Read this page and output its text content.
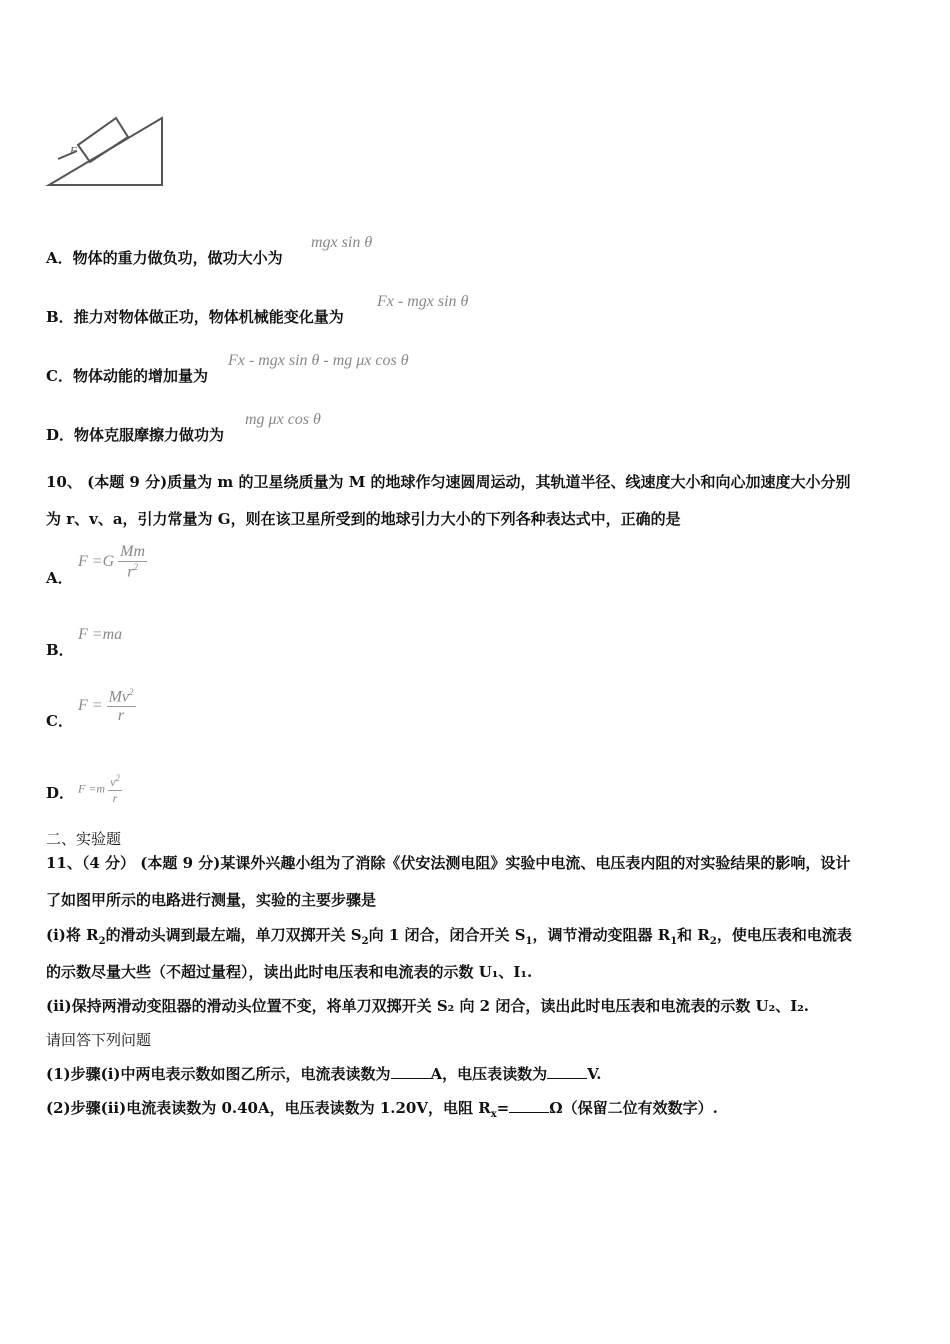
F
A．物体的重力做负功，做功大小为
mgx sin θ
B．推力对物体做正功，物体机械能变化量为
Fx - mgx sin θ
C．物体动能的增加量为
Fx - mgx sin θ - mg μx cos θ
D．物体克服摩擦力做功为
mg μx cos θ
10、 (本题 9 分)质量为 m 的卫星绕质量为 M 的地球作匀速圆周运动，其轨道半径、线速度大小和向心加速度大小分别
为 r、v、a，引力常量为 G，则在该卫星所受到的地球引力大小的下列各种表达式中，正确的是
A．
$F =G \frac{Mm}{r^2}$
B．
F =ma
C．
$F = \frac{Mv^2}{r}$
D． $F =m \frac{v^2}{r}$
二、实验题
11、（4 分） (本题 9 分)某课外兴趣小组为了消除《伏安法测电阻》实验中电流、电压表内阻的对实验结果的影响，设计
了如图甲所示的电路进行测量，实验的主要步骤是
(i)将 $R_2$的滑动头调到最左端，单刀双掷开关 $S_2$向 1 闭合，闭合开关 $S_1$，调节滑动变阻器 $R_1$和 $R_2$，使电压表和电流表
的示数尽量大些（不超过量程），读出此时电压表和电流表的示数 U₁、I₁.
(ii)保持两滑动变阻器的滑动头位置不变，将单刀双掷开关 S₂ 向 2 闭合，读出此时电压表和电流表的示数 U₂、I₂.
请回答下列问题
(1)步骤(i)中两电表示数如图乙所示，电流表读数为	A，电压表读数为	V.
(2)步骤(ii)电流表读数为 0.40A，电压表读数为 1.20V，电阻 $R_x=$	Ω（保留二位有效数字）.
